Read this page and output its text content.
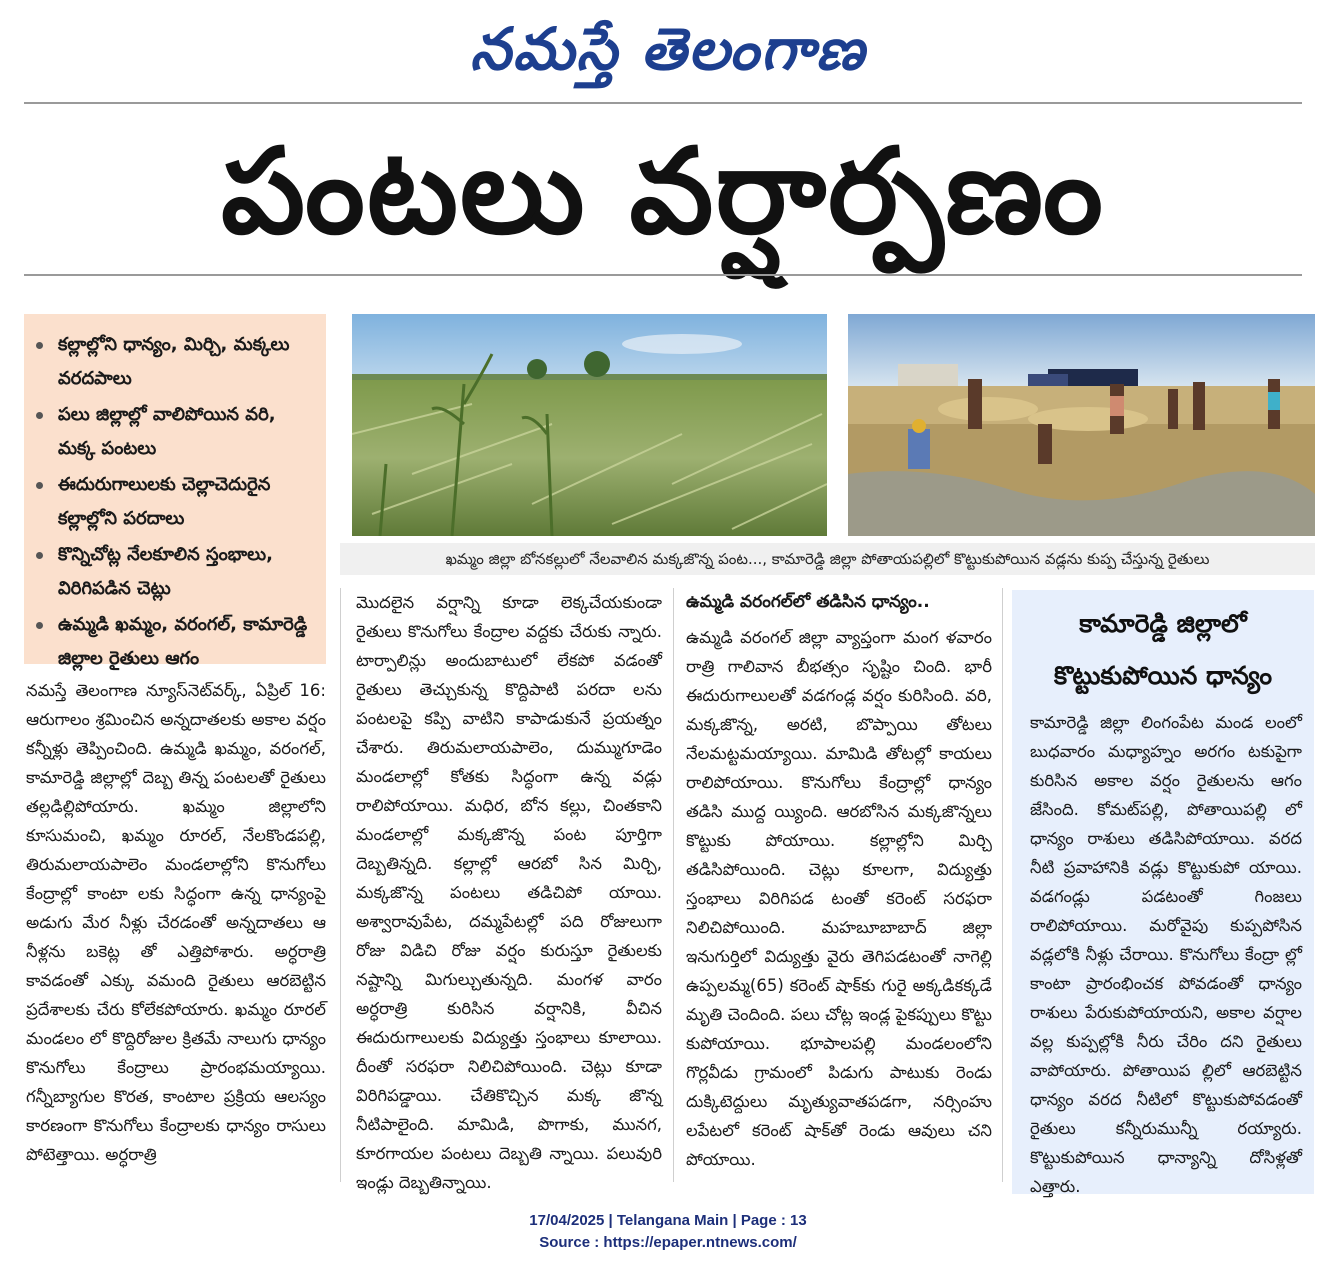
నమస్తే తెలంగాణ
పంటలు వర్షార్పణం
కల్లాల్లోని ధాన్యం, మిర్చి, మక్కలు వరదపాలు
పలు జిల్లాల్లో వాలిపోయిన వరి, మక్క పంటలు
ఈదురుగాలులకు చెల్లాచెదురైన కల్లాల్లోని పరదాలు
కొన్నిచోట్ల నేలకూలిన స్తంభాలు, విరిగిపడిన చెట్లు
ఉమ్మడి ఖమ్మం, వరంగల్, కామారెడ్డి జిల్లాల రైతులు ఆగం
ఖమ్మం జిల్లా బోనకల్లులో నేలవాలిన మక్కజొన్న పంట..., కామారెడ్డి జిల్లా పోతాయపల్లిలో కొట్టుకుపోయిన వడ్లను కుప్ప చేస్తున్న రైతులు

నమస్తే తెలంగాణ న్యూస్‌నెట్‌వర్క్‌, ఏప్రిల్‌ 16: ఆరుగాలం శ్రమించిన అన్నదాతలకు అకాల వర్షం కన్నీళ్లు తెప్పించింది. ఉమ్మడి ఖమ్మం, వరంగల్‌, కామారెడ్డి జిల్లాల్లో దెబ్బ తిన్న పంటలతో రైతులు తల్లడిల్లిపోయారు. ఖమ్మం జిల్లాలోని కూసుమంచి, ఖమ్మం రూరల్‌, నేలకొండపల్లి, తిరుమలాయపాలెం మండలాల్లోని కొనుగోలు కేంద్రాల్లో కాంటా లకు సిద్ధంగా ఉన్న ధాన్యంపై అడుగు మేర నీళ్లు చేరడంతో అన్నదాతలు ఆ నీళ్లను బకెట్ల తో ఎత్తిపోశారు. అర్ధరాత్రి కావడంతో ఎక్కు వమంది రైతులు ఆరబెట్టిన ప్రదేశాలకు చేరు కోలేకపోయారు. ఖమ్మం రూరల్‌ మండలం లో కొద్దిరోజుల క్రితమే నాలుగు ధాన్యం కొనుగోలు కేంద్రాలు ప్రారంభమయ్యాయి. గన్నీబ్యాగుల కొరత, కాంటాల ప్రక్రియ ఆలస్యం కారణంగా కొనుగోలు కేంద్రాలకు ధాన్యం రాసులు పోటెత్తాయి. అర్ధరాత్రి

మొదలైన వర్షాన్ని కూడా లెక్కచేయకుండా రైతులు కొనుగోలు కేంద్రాల వద్దకు చేరుకు న్నారు. టార్పాలిన్లు అందుబాటులో లేకపో వడంతో రైతులు తెచ్చుకున్న కొద్దిపాటి పరదా లను పంటలపై కప్పి వాటిని కాపాడుకునే ప్రయత్నం చేశారు. తిరుమలాయపాలెం, దుమ్ముగూడెం మండలాల్లో కోతకు సిద్ధంగా ఉన్న వడ్లు రాలిపోయాయి. మధిర, బోన కల్లు, చింతకాని మండలాల్లో మక్కజొన్న పంట పూర్తిగా దెబ్బతిన్నది. కల్లాల్లో ఆరబో సిన మిర్చి, మక్కజొన్న పంటలు తడిచిపో యాయి. అశ్వారావుపేట, దమ్మపేటల్లో పది రోజులుగా రోజు విడిచి రోజు వర్షం కురుస్తూ రైతులకు నష్టాన్ని మిగుల్చుతున్నది. మంగళ వారం అర్ధరాత్రి కురిసిన వర్షానికి, వీచిన ఈదురుగాలులకు విద్యుత్తు స్తంభాలు కూలాయి. దీంతో సరఫరా నిలిచిపోయింది. చెట్లు కూడా విరిగిపడ్డాయి. చేతికొచ్చిన మక్క జొన్న నీటిపాలైంది. మామిడి, పొగాకు, మునగ, కూరగాయల పంటలు దెబ్బతి న్నాయి. పలువురి ఇండ్లు దెబ్బతిన్నాయి.

ఉమ్మడి వరంగల్‌లో తడిసిన ధాన్యం..

ఉమ్మడి వరంగల్‌ జిల్లా వ్యాప్తంగా మంగ ళవారం రాత్రి గాలివాన బీభత్సం సృష్టిం చింది. భారీ ఈదురుగాలులతో వడగండ్ల వర్షం కురిసింది. వరి, మక్కజొన్న, అరటి, బొప్పాయి తోటలు నేలమట్టమయ్యాయి. మామిడి తోటల్లో కాయలు రాలిపోయాయి. కొనుగోలు కేంద్రాల్లో ధాన్యం తడిసి ముద్ద య్యింది. ఆరబోసిన మక్కజొన్నలు కొట్టుకు పోయాయి. కల్లాల్లోని మిర్చి తడిసిపోయింది. చెట్లు కూలగా, విద్యుత్తు స్తంభాలు విరిగిపడ టంతో కరెంట్‌ సరఫరా నిలిచిపోయింది. మహబూబాబాద్‌ జిల్లా ఇనుగుర్తిలో విద్యుత్తు వైరు తెగిపడటంతో నాగెల్లి ఉప్పలమ్మ(65) కరెంట్‌ షాక్‌కు గురై అక్కడికక్కడే మృతి చెందింది. పలు చోట్ల ఇండ్ల పైకప్పులు కొట్టు కుపోయాయి. భూపాలపల్లి మండలంలోని గొర్లవీడు గ్రామంలో పిడుగు పాటుకు రెండు దుక్కిటెద్దులు మృత్యువాతపడగా, నర్సింహు లపేటలో కరెంట్‌ షాక్‌తో రెండు ఆవులు చని పోయాయి.

కామారెడ్డి జిల్లాలో కొట్టుకుపోయిన ధాన్యం
కామారెడ్డి జిల్లా లింగంపేట మండ లంలో బుధవారం మధ్యాహ్నం అరగం టకుపైగా కురిసిన అకాల వర్షం రైతులను ఆగం జేసింది. కోమట్‌పల్లి, పోతాయిపల్లి లో ధాన్యం రాశులు తడిసిపోయాయి. వరద నీటి ప్రవాహానికి వడ్లు కొట్టుకుపో యాయి. వడగండ్లు పడటంతో గింజలు రాలిపోయాయి. మరోవైపు కుప్పపోసిన వడ్లలోకి నీళ్లు చేరాయి. కొనుగోలు కేంద్రా ల్లో కాంటా ప్రారంభించక పోవడంతో ధాన్యం రాశులు పేరుకుపోయాయని, అకాల వర్షాల వల్ల కుప్పల్లోకి నీరు చేరిం దని రైతులు వాపోయారు. పోతాయిప ల్లిలో ఆరబెట్టిన ధాన్యం వరద నీటిలో కొట్టుకుపోవడంతో రైతులు కన్నీరుమున్నీ రయ్యారు. కొట్టుకుపోయిన ధాన్యాన్ని దోసిళ్లతో ఎత్తారు.
17/04/2025 | Telangana Main | Page : 13
Source : https://epaper.ntnews.com/
